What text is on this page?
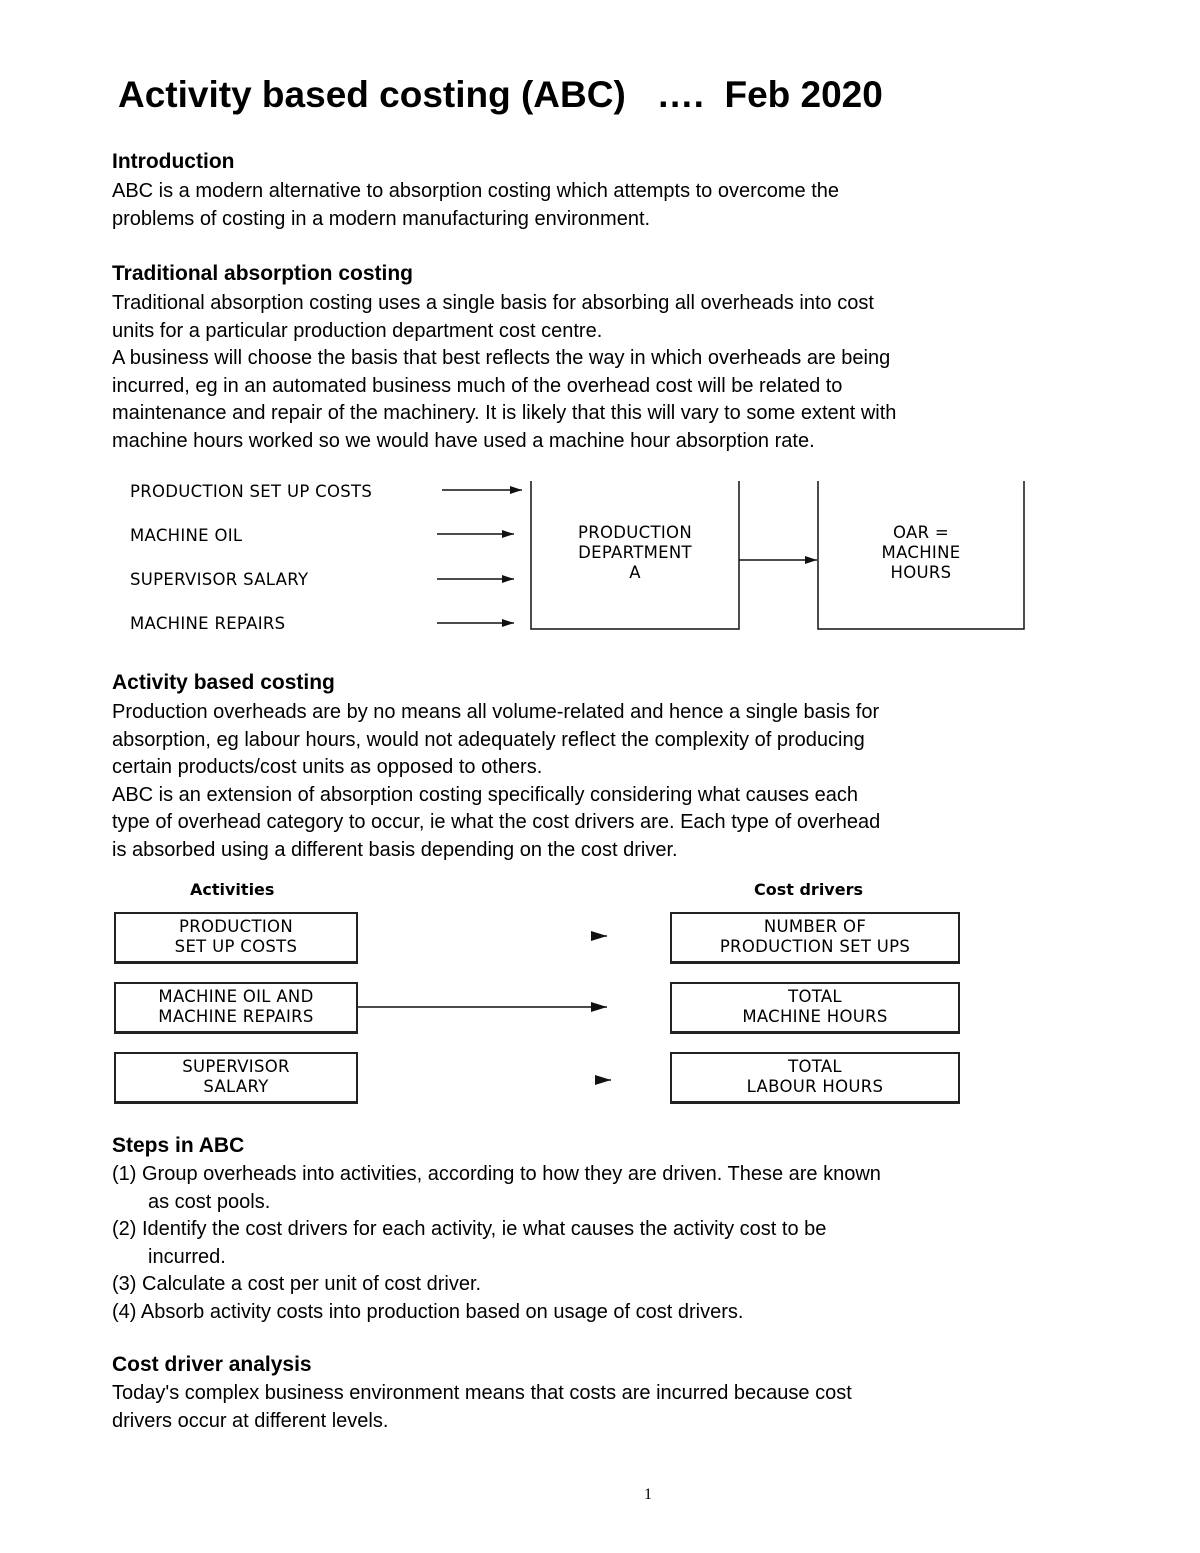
Activity based costing (ABC)   ….  Feb 2020
Introduction
ABC is a modern alternative to absorption costing which attempts to overcome the
problems of costing in a modern manufacturing environment.
Traditional absorption costing
Traditional absorption costing uses a single basis for absorbing all overheads into cost
units for a particular production department cost centre.
A business will choose the basis that best reflects the way in which overheads are being
incurred, eg in an automated business much of the overhead cost will be related to
maintenance and repair of the machinery. It is likely that this will vary to some extent with
machine hours worked so we would have used a machine hour absorption rate.
PRODUCTION SET UP COSTS
MACHINE OIL
SUPERVISOR SALARY
MACHINE REPAIRS
PRODUCTION
DEPARTMENT
A
OAR =
MACHINE
HOURS
Activity based costing
Production overheads are by no means all volume-related and hence a single basis for
absorption, eg labour hours, would not adequately reflect the complexity of producing
certain products/cost units as opposed to others.
ABC is an extension of absorption costing specifically considering what causes each
type of overhead category to occur, ie what the cost drivers are. Each type of overhead
is absorbed using a different basis depending on the cost driver.
Activities	Cost drivers
PRODUCTION
SET UP COSTS
MACHINE OIL AND
MACHINE REPAIRS
SUPERVISOR
SALARY
NUMBER OF
PRODUCTION SET UPS
TOTAL
MACHINE HOURS
TOTAL
LABOUR HOURS
Steps in ABC
(1) Group overheads into activities, according to how they are driven. These are known
as cost pools.
(2) Identify the cost drivers for each activity, ie what causes the activity cost to be
incurred.
(3) Calculate a cost per unit of cost driver.
(4) Absorb activity costs into production based on usage of cost drivers.
Cost driver analysis
Today's complex business environment means that costs are incurred because cost
drivers occur at different levels.
1
